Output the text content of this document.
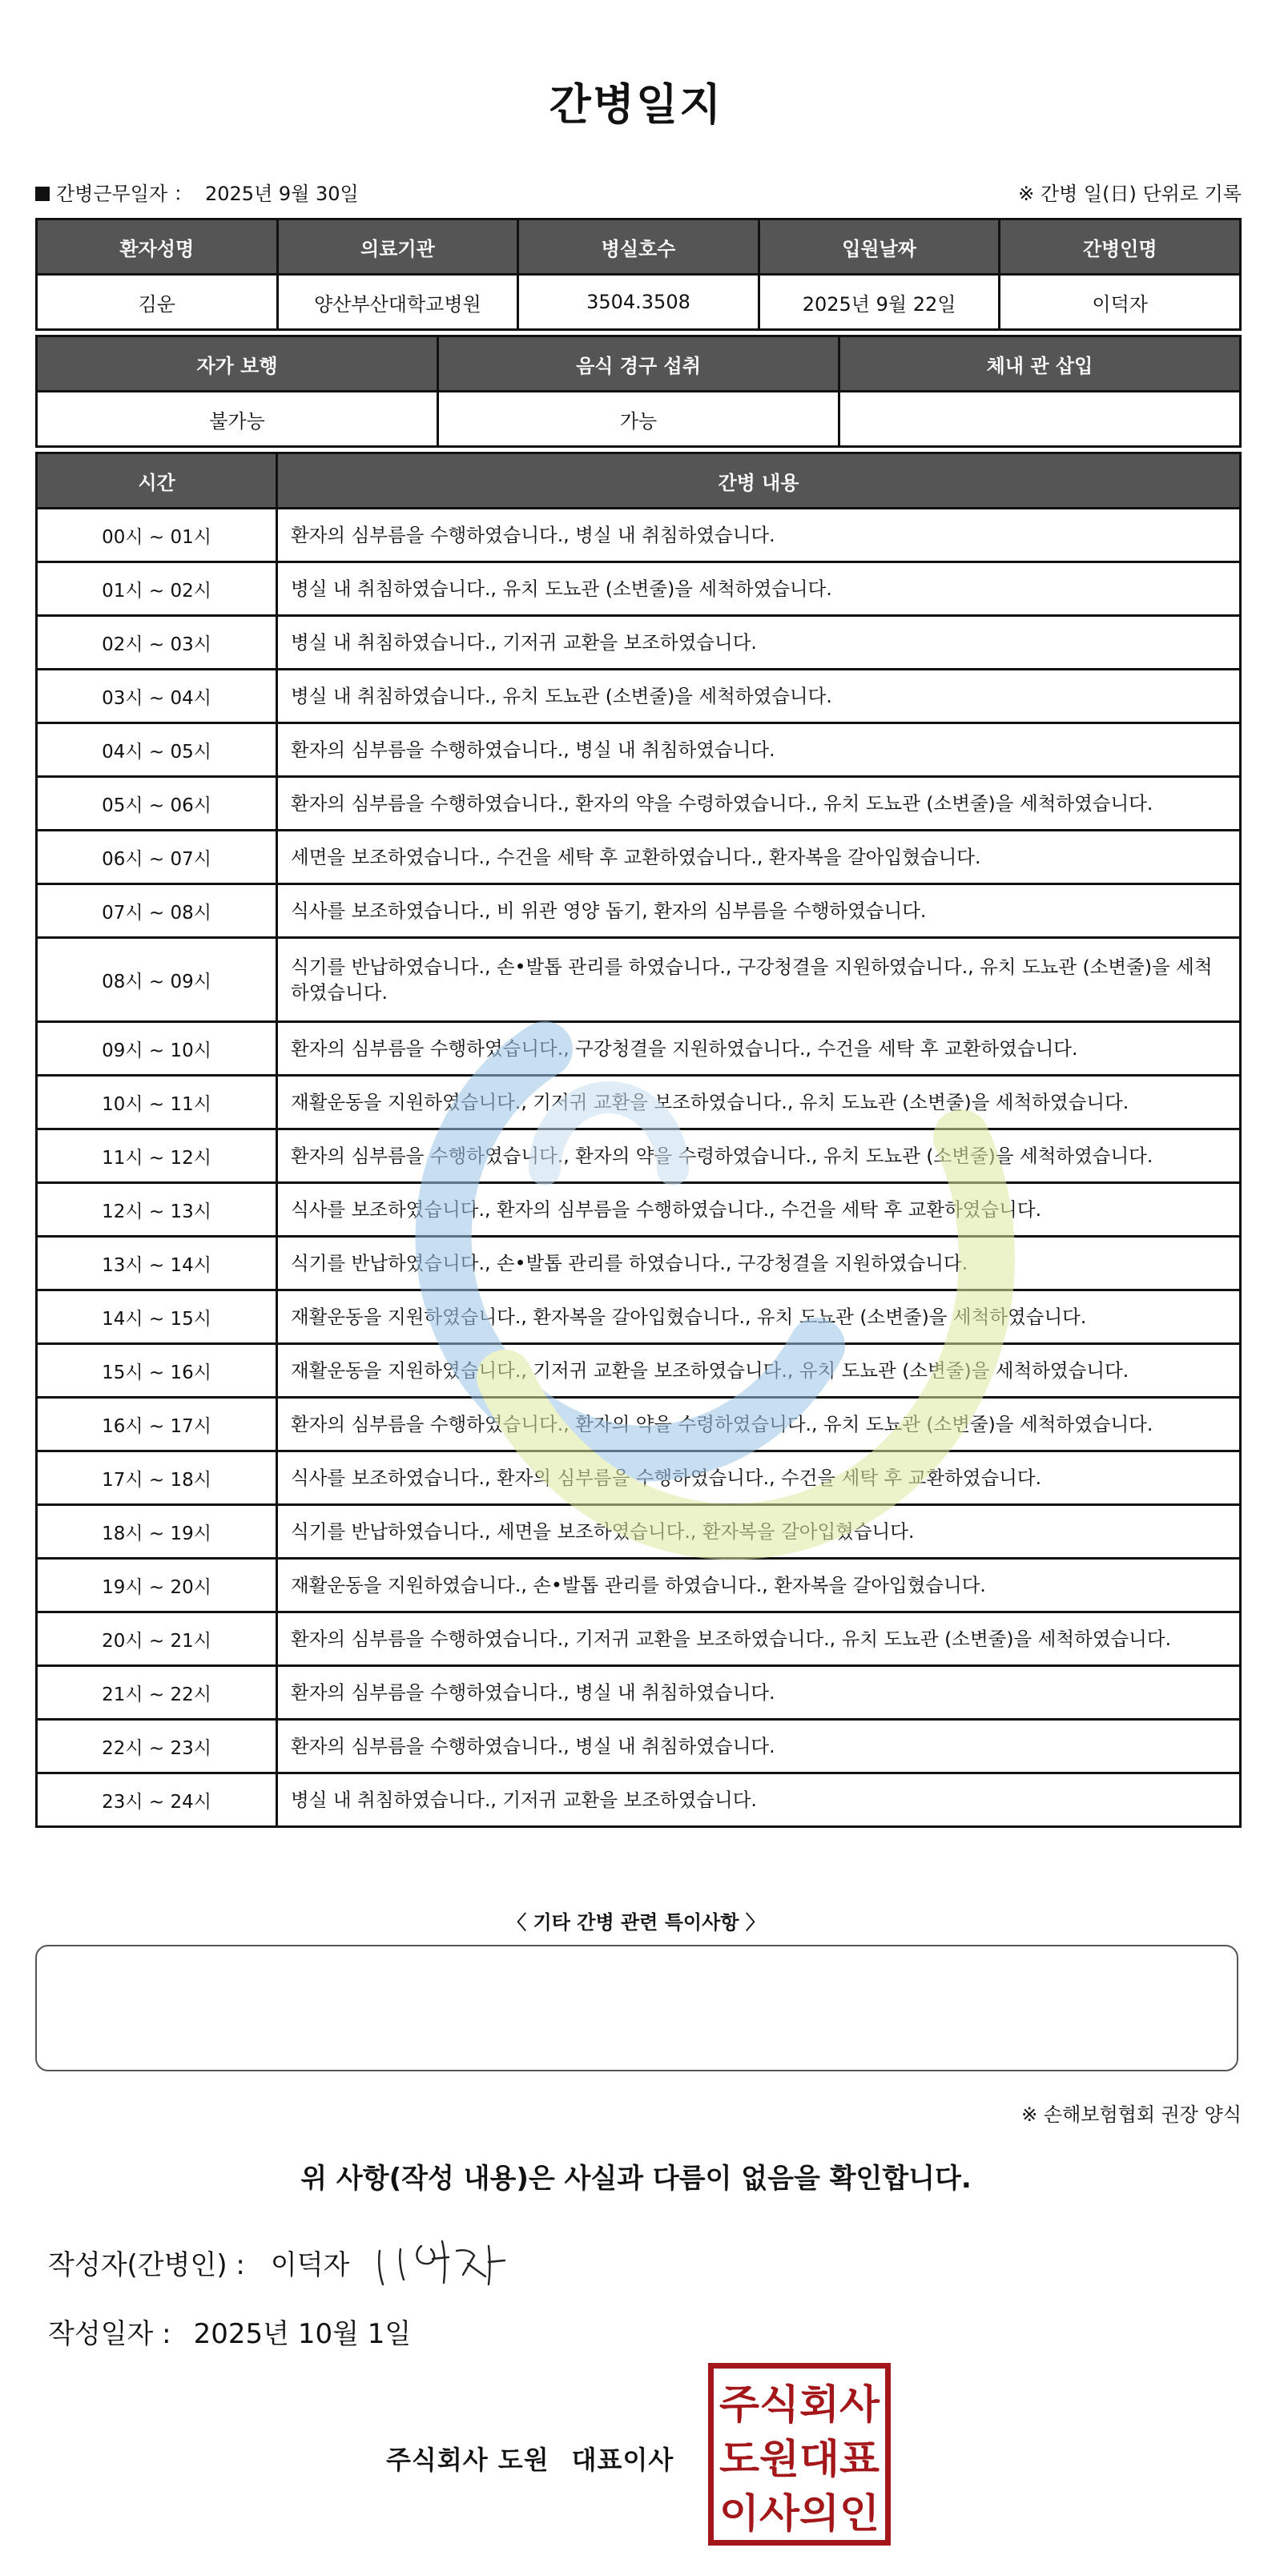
간병일지
간병근무일자 ： 2025년 9월 30일	※ 간병 일(日) 단위로 기록
환자성명	의료기관	병실호수	입원날짜	간병인명
김운	양산부산대학교병원	3504.3508	2025년 9월 22일	이덕자
자가 보행	음식 경구 섭취	체내 관 삽입
불가능	가능	
시간	간병 내용
00시 ~ 01시	환자의 심부름을 수행하였습니다., 병실 내 취침하였습니다.
01시 ~ 02시	병실 내 취침하였습니다., 유치 도뇨관 (소변줄)을 세척하였습니다.
02시 ~ 03시	병실 내 취침하였습니다., 기저귀 교환을 보조하였습니다.
03시 ~ 04시	병실 내 취침하였습니다., 유치 도뇨관 (소변줄)을 세척하였습니다.
04시 ~ 05시	환자의 심부름을 수행하였습니다., 병실 내 취침하였습니다.
05시 ~ 06시	환자의 심부름을 수행하였습니다., 환자의 약을 수령하였습니다., 유치 도뇨관 (소변줄)을 세척하였습니다.
06시 ~ 07시	세면을 보조하였습니다., 수건을 세탁 후 교환하였습니다., 환자복을 갈아입혔습니다.
07시 ~ 08시	식사를 보조하였습니다., 비 위관 영양 돕기, 환자의 심부름을 수행하였습니다.
08시 ~ 09시	식기를 반납하였습니다., 손•발톱 관리를 하였습니다., 구강청결을 지원하였습니다., 유치 도뇨관 (소변줄)을 세척하였습니다.
09시 ~ 10시	환자의 심부름을 수행하였습니다., 구강청결을 지원하였습니다., 수건을 세탁 후 교환하였습니다.
10시 ~ 11시	재활운동을 지원하였습니다., 기저귀 교환을 보조하였습니다., 유치 도뇨관 (소변줄)을 세척하였습니다.
11시 ~ 12시	환자의 심부름을 수행하였습니다., 환자의 약을 수령하였습니다., 유치 도뇨관 (소변줄)을 세척하였습니다.
12시 ~ 13시	식사를 보조하였습니다., 환자의 심부름을 수행하였습니다., 수건을 세탁 후 교환하였습니다.
13시 ~ 14시	식기를 반납하였습니다., 손•발톱 관리를 하였습니다., 구강청결을 지원하였습니다.
14시 ~ 15시	재활운동을 지원하였습니다., 환자복을 갈아입혔습니다., 유치 도뇨관 (소변줄)을 세척하였습니다.
15시 ~ 16시	재활운동을 지원하였습니다., 기저귀 교환을 보조하였습니다., 유치 도뇨관 (소변줄)을 세척하였습니다.
16시 ~ 17시	환자의 심부름을 수행하였습니다., 환자의 약을 수령하였습니다., 유치 도뇨관 (소변줄)을 세척하였습니다.
17시 ~ 18시	식사를 보조하였습니다., 환자의 심부름을 수행하였습니다., 수건을 세탁 후 교환하였습니다.
18시 ~ 19시	식기를 반납하였습니다., 세면을 보조하였습니다., 환자복을 갈아입혔습니다.
19시 ~ 20시	재활운동을 지원하였습니다., 손•발톱 관리를 하였습니다., 환자복을 갈아입혔습니다.
20시 ~ 21시	환자의 심부름을 수행하였습니다., 기저귀 교환을 보조하였습니다., 유치 도뇨관 (소변줄)을 세척하였습니다.
21시 ~ 22시	환자의 심부름을 수행하였습니다., 병실 내 취침하였습니다.
22시 ~ 23시	환자의 심부름을 수행하였습니다., 병실 내 취침하였습니다.
23시 ~ 24시	병실 내 취침하였습니다., 기저귀 교환을 보조하였습니다.
〈 기타 간병 관련 특이사항 〉
※ 손해보험협회 권장 양식
위 사항(작성 내용)은 사실과 다름이 없음을 확인합니다.
작성자(간병인) : 이덕자
작성일자 : 2025년 10월 1일
주식회사 도원 대표이사
주식회사
도원대표
이사의인
